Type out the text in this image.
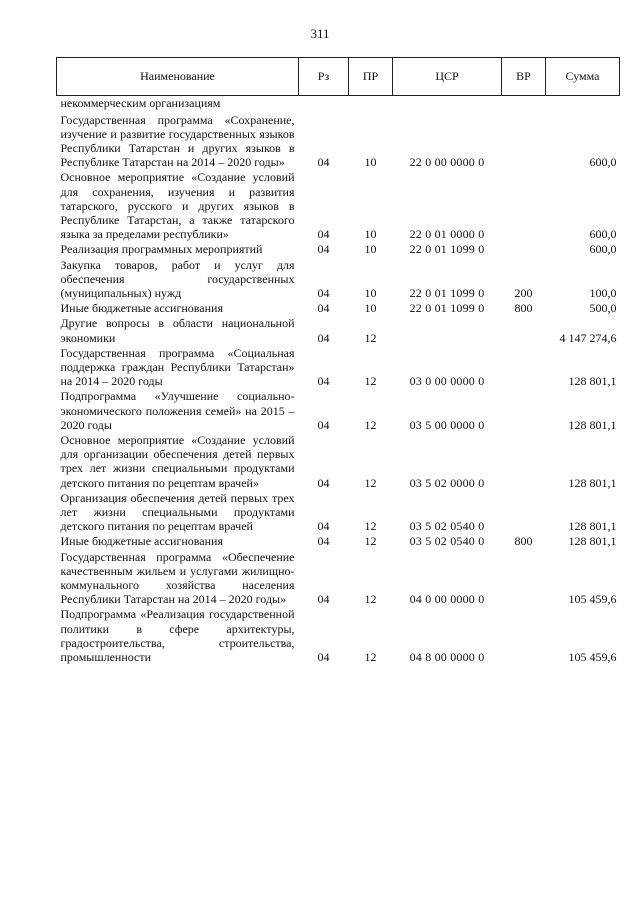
311
Наименование	Рз	ПР	ЦСР	ВР	Сумма
некоммерческим организациям					
Государственная программа «Сохранение, изучение и развитие государственных языков Республики Татарстан и других языков в Республике Татарстан на 2014 – 2020 годы»	04	10	22 0 00 0000 0		600,0
Основное мероприятие «Создание условий для сохранения, изучения и развития татарского, русского и других языков в Республике Татарстан, а также татарского языка за пределами республики»	04	10	22 0 01 0000 0		600,0
Реализация программных мероприятий	04	10	22 0 01 1099 0		600,0
Закупка товаров, работ и услуг для обеспечения государственных (муниципальных) нужд	04	10	22 0 01 1099 0	200	100,0
Иные бюджетные ассигнования	04	10	22 0 01 1099 0	800	500,0
Другие вопросы в области национальной экономики	04	12			4 147 274,6
Государственная программа «Социальная поддержка граждан Республики Татарстан» на 2014 – 2020 годы	04	12	03 0 00 0000 0		128 801,1
Подпрограмма «Улучшение социально-экономического положения семей» на 2015 – 2020 годы	04	12	03 5 00 0000 0		128 801,1
Основное мероприятие «Создание условий для организации обеспечения детей первых трех лет жизни специальными продуктами детского питания по рецептам врачей»	04	12	03 5 02 0000 0		128 801,1
Организация обеспечения детей первых трех лет жизни специальными продуктами детского питания по рецептам врачей	04	12	03 5 02 0540 0		128 801,1
Иные бюджетные ассигнования	04	12	03 5 02 0540 0	800	128 801,1
Государственная программа «Обеспечение качественным жильем и услугами жилищно-коммунального хозяйства населения Республики Татарстан на 2014 – 2020 годы»	04	12	04 0 00 0000 0		105 459,6
Подпрограмма «Реализация государственной политики в сфере архитектуры, градостроительства, строительства, промышленности	04	12	04 8 00 0000 0		105 459,6
